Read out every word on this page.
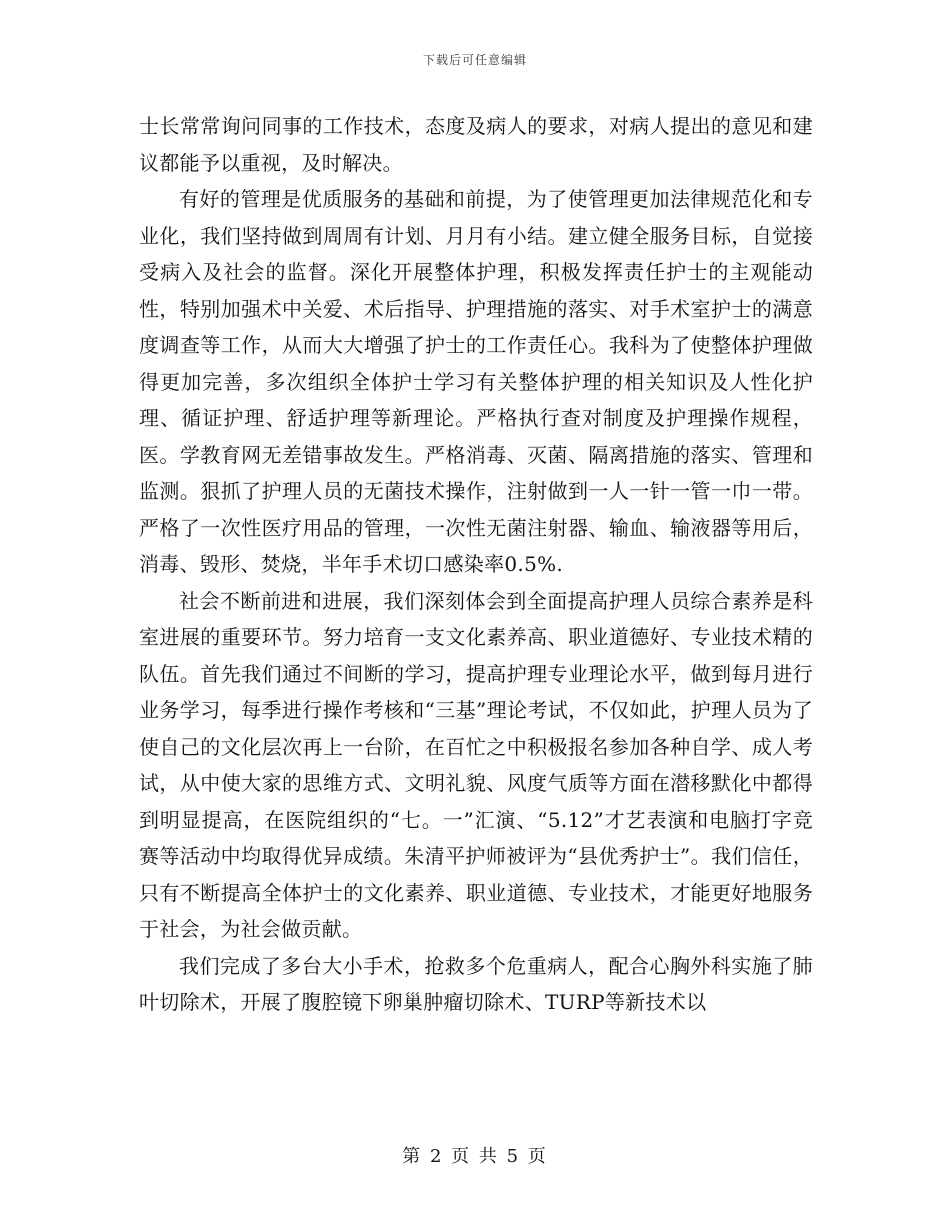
下载后可任意编辑

士长常常询问同事的工作技术，态度及病人的要求，对病人提出的意见和建议都能予以重视，及时解决。

有好的管理是优质服务的基础和前提，为了使管理更加法律规范化和专业化，我们坚持做到周周有计划、月月有小结。建立健全服务目标，自觉接受病入及社会的监督。深化开展整体护理，积极发挥责任护士的主观能动性，特别加强术中关爱、术后指导、护理措施的落实、对手术室护士的满意度调查等工作，从而大大增强了护士的工作责任心。我科为了使整体护理做得更加完善，多次组织全体护士学习有关整体护理的相关知识及人性化护理、循证护理、舒适护理等新理论。严格执行查对制度及护理操作规程，医。学教育网无差错事故发生。严格消毒、灭菌、隔离措施的落实、管理和监测。狠抓了护理人员的无菌技术操作，注射做到一人一针一管一巾一带。严格了一次性医疗用品的管理，一次性无菌注射器、输血、输液器等用后，消毒、毁形、焚烧，半年手术切口感染率0.5%.

社会不断前进和进展，我们深刻体会到全面提高护理人员综合素养是科室进展的重要环节。努力培育一支文化素养高、职业道德好、专业技术精的队伍。首先我们通过不间断的学习，提高护理专业理论水平，做到每月进行业务学习，每季进行操作考核和“三基”理论考试，不仅如此，护理人员为了使自己的文化层次再上一台阶，在百忙之中积极报名参加各种自学、成人考试，从中使大家的思维方式、文明礼貌、风度气质等方面在潜移默化中都得到明显提高，在医院组织的“七。一”汇演、“5.12”才艺表演和电脑打字竞赛等活动中均取得优异成绩。朱清平护师被评为“县优秀护士”。我们信任，只有不断提高全体护士的文化素养、职业道德、专业技术，才能更好地服务于社会，为社会做贡献。

我们完成了多台大小手术，抢救多个危重病人，配合心胸外科实施了肺叶切除术，开展了腹腔镜下卵巢肿瘤切除术、TURP等新技术以

第 2 页 共 5 页
